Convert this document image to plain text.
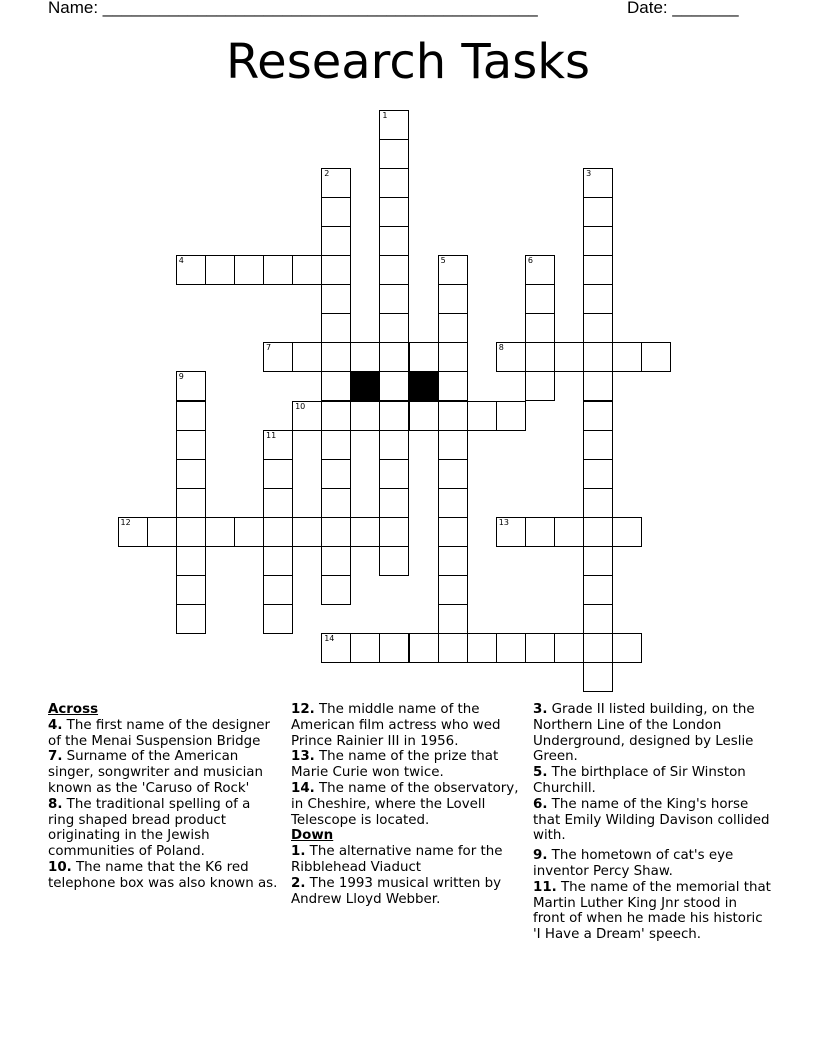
Name: ______________________________________________	Date: _______
Research Tasks
1
2	3
5	6
9
11
4
7	8
10
12	13
14
Across

4. The first name of the designer of the Menai Suspension Bridge

7. Surname of the American singer, songwriter and musician known as the 'Caruso of Rock'

8. The traditional spelling of a ring shaped bread product originating in the Jewish communities of Poland.

10. The name that the K6 red telephone box was also known as.

12. The middle name of the American film actress who wed Prince Rainier III in 1956.

13. The name of the prize that Marie Curie won twice.

14. The name of the observatory, in Cheshire, where the Lovell Telescope is located.

Down

1. The alternative name for the Ribblehead Viaduct

2. The 1993 musical written by Andrew Lloyd Webber.

3. Grade II listed building, on the Northern Line of the London Underground, designed by Leslie Green.

5. The birthplace of Sir Winston Churchill.

6. The name of the King's horse that Emily Wilding Davison collided with.

9. The hometown of cat's eye inventor Percy Shaw.

11. The name of the memorial that Martin Luther King Jnr stood in front of when he made his historic 'I Have a Dream' speech.
